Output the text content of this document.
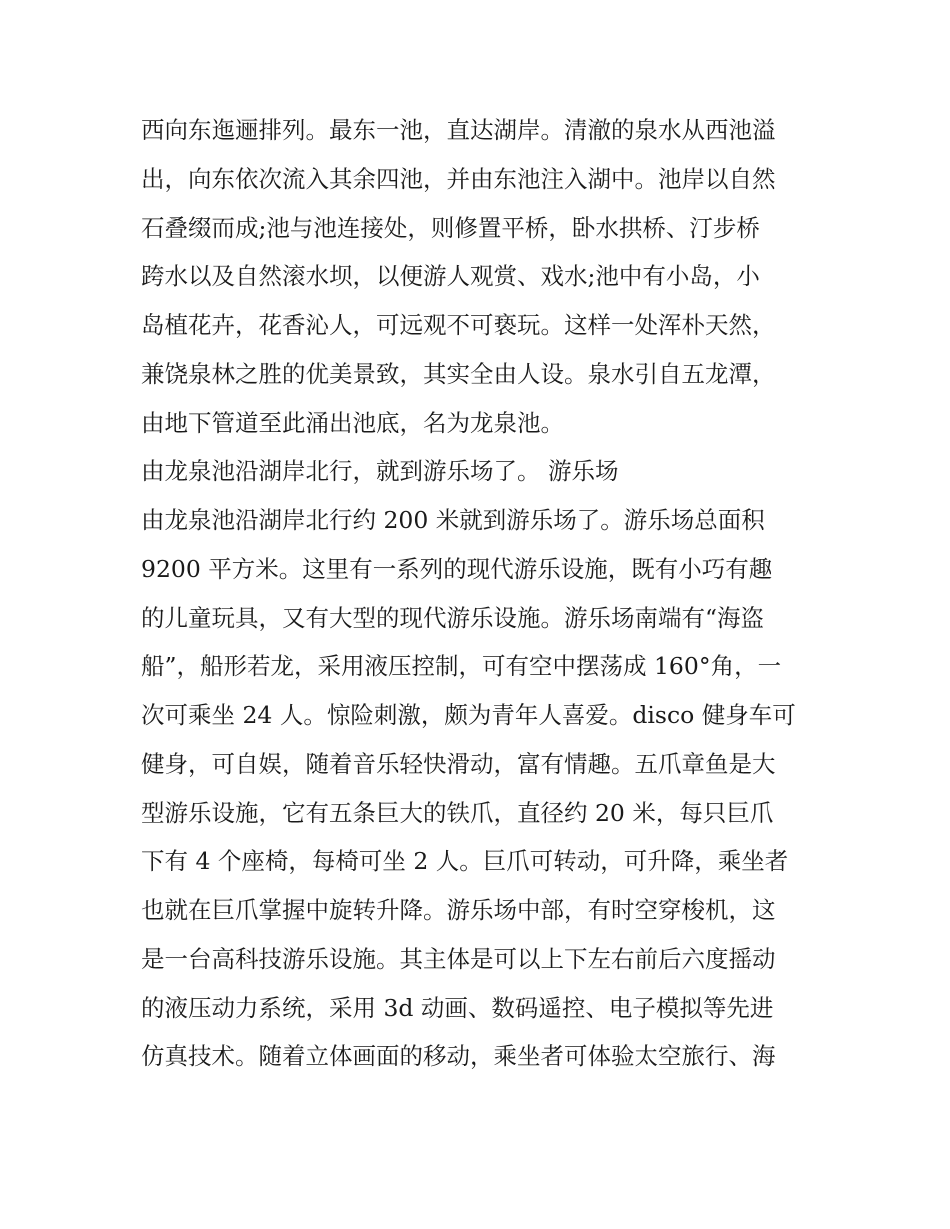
西向东迤逦排列。最东一池，直达湖岸。清澈的泉水从西池溢
出，向东依次流入其余四池，并由东池注入湖中。池岸以自然
石叠缀而成;池与池连接处，则修置平桥，卧水拱桥、汀步桥
跨水以及自然滚水坝，以便游人观赏、戏水;池中有小岛，小
岛植花卉，花香沁人，可远观不可亵玩。这样一处浑朴天然，
兼饶泉林之胜的优美景致，其实全由人设。泉水引自五龙潭，
由地下管道至此涌出池底，名为龙泉池。
由龙泉池沿湖岸北行，就到游乐场了。 游乐场
由龙泉池沿湖岸北行约 200 米就到游乐场了。游乐场总面积
9200 平方米。这里有一系列的现代游乐设施，既有小巧有趣
的儿童玩具，又有大型的现代游乐设施。游乐场南端有“海盗
船”，船形若龙，采用液压控制，可有空中摆荡成 160°角，一
次可乘坐 24 人。惊险刺激，颇为青年人喜爱。disco 健身车可
健身，可自娱，随着音乐轻快滑动，富有情趣。五爪章鱼是大
型游乐设施，它有五条巨大的铁爪，直径约 20 米，每只巨爪
下有 4 个座椅，每椅可坐 2 人。巨爪可转动，可升降，乘坐者
也就在巨爪掌握中旋转升降。游乐场中部，有时空穿梭机，这
是一台高科技游乐设施。其主体是可以上下左右前后六度摇动
的液压动力系统，采用 3d 动画、数码遥控、电子模拟等先进
仿真技术。随着立体画面的移动，乘坐者可体验太空旅行、海
